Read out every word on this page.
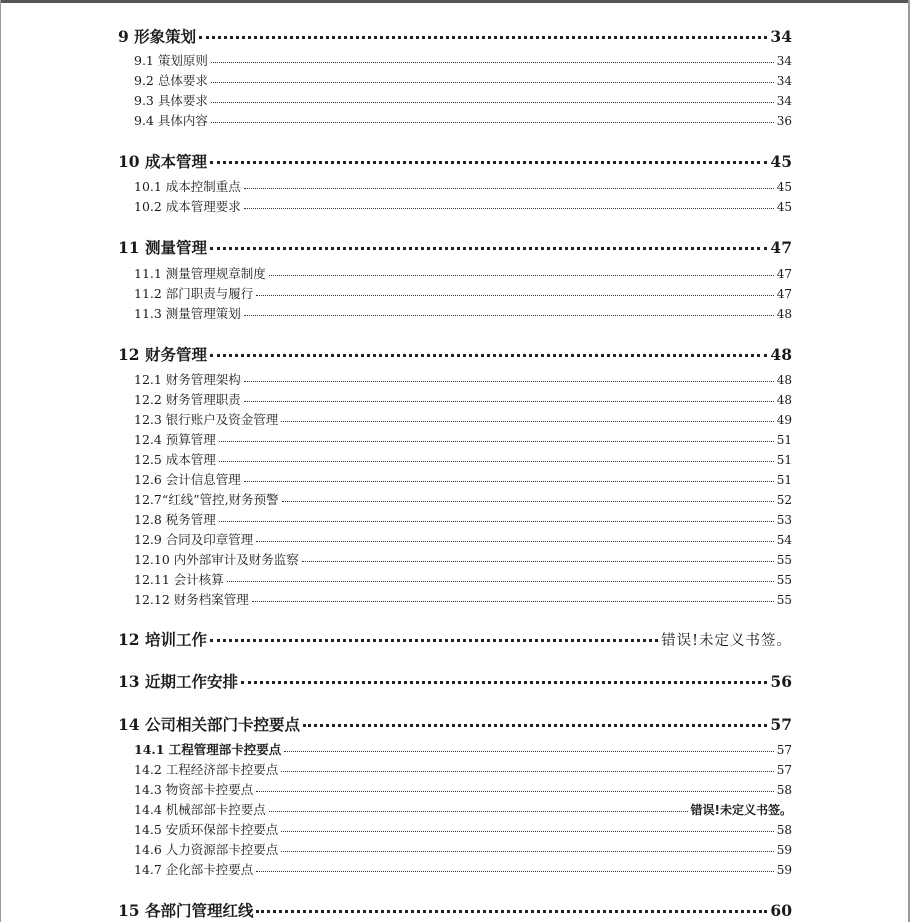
9 形象策划	34
9.1 策划原则	34
9.2 总体要求	34
9.3 具体要求	34
9.4 具体内容	36
10 成本管理	45
10.1 成本控制重点	45
10.2 成本管理要求	45
11 测量管理	47
11.1 测量管理规章制度	47
11.2 部门职责与履行	47
11.3 测量管理策划	48
12 财务管理	48
12.1 财务管理架构	48
12.2 财务管理职责	48
12.3 银行账户及资金管理	49
12.4 预算管理	51
12.5 成本管理	51
12.6 会计信息管理	51
12.7“红线”管控,财务预警	52
12.8 税务管理	53
12.9 合同及印章管理	54
12.10 内外部审计及财务监察	55
12.11 会计核算	55
12.12 财务档案管理	55
12 培训工作	错误!未定义书签。
13 近期工作安排	56
14 公司相关部门卡控要点	57
14.1 工程管理部卡控要点	57
14.2 工程经济部卡控要点	57
14.3 物资部卡控要点	58
14.4 机械部部卡控要点	错误!未定义书签。
14.5 安质环保部卡控要点	58
14.6 人力资源部卡控要点	59
14.7 企化部卡控要点	59
15 各部门管理红线	60
